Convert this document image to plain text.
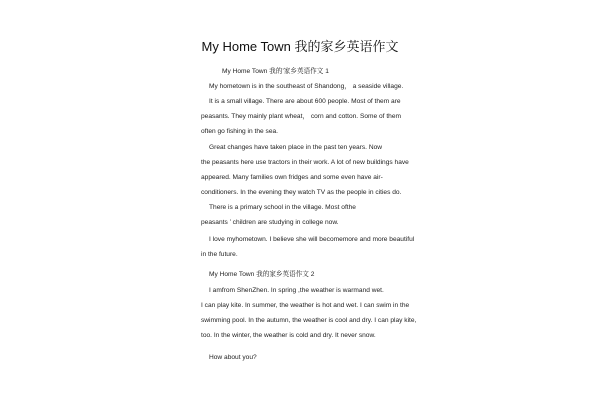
My Home Town 我的家乡英语作文
My Home Town 我的’家乡英语作文 1
My hometown is in the southeast of Shandong， a seaside village.
It is a small village. There are about 600 people. Most of them are
peasants. They mainly plant wheat， corn and cotton. Some of them
often go fishing in the sea.
Great changes have taken place in the past ten years. Now
the peasants here use tractors in their work. A lot of new buildings have
appeared. Many families own fridges and some even have air-
conditioners. In the evening they watch TV as the people in cities do.
There is a primary school in the village. Most ofthe
peasants ’ children are studying in college now.
I love myhometown. I believe she will becomemore and more beautiful
in the future.
My Home Town 我的家乡英语作文 2
I amfrom ShenZhen. In spring ,the weather is warmand wet.
I can play kite. In summer, the weather is hot and wet. I can swim in the
swimming pool. In the autumn, the weather is cool and dry. I can play kite,
too. In the winter, the weather is cold and dry. It never snow.
How about you?
